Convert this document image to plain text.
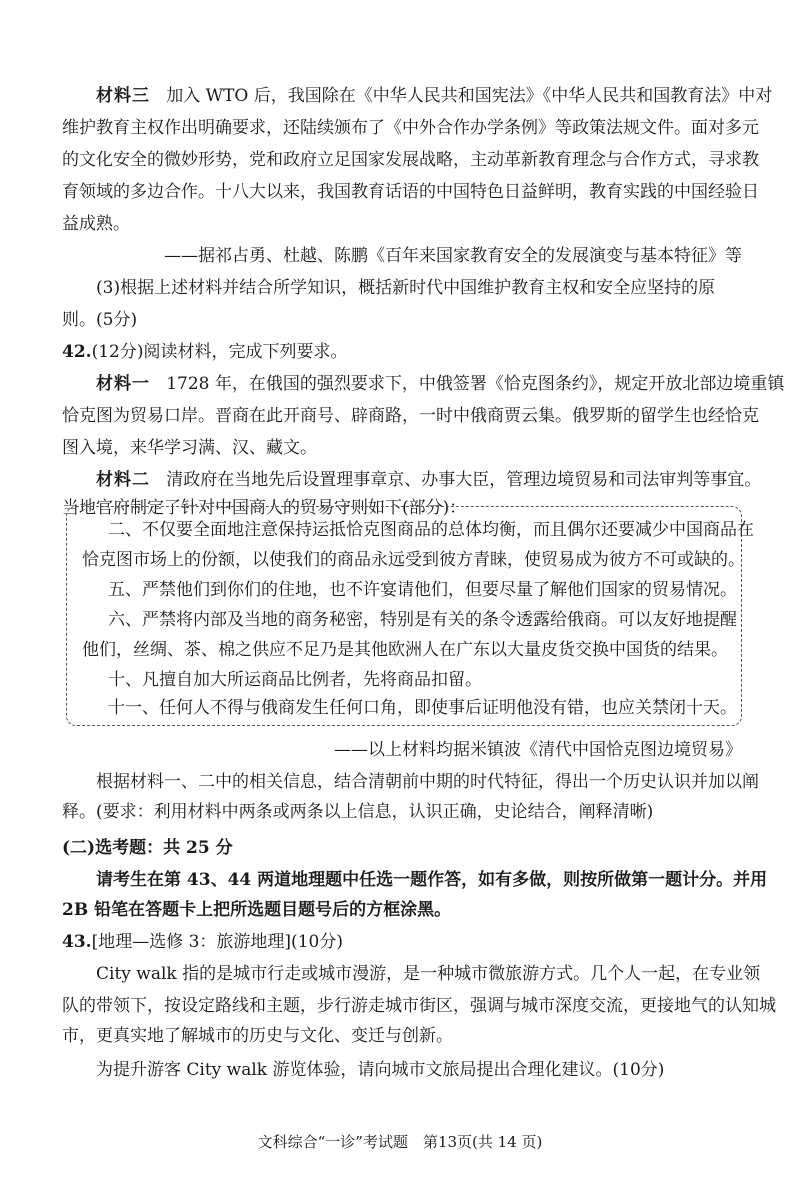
材料三 加入 WTO 后，我国除在《中华人民共和国宪法》《中华人民共和国教育法》中对
维护教育主权作出明确要求，还陆续颁布了《中外合作办学条例》等政策法规文件。面对多元
的文化安全的微妙形势，党和政府立足国家发展战略，主动革新教育理念与合作方式，寻求教
育领域的多边合作。十八大以来，我国教育话语的中国特色日益鲜明，教育实践的中国经验日
益成熟。
——据祁占勇、杜越、陈鹏《百年来国家教育安全的发展演变与基本特征》等
(3)根据上述材料并结合所学知识，概括新时代中国维护教育主权和安全应坚持的原
则。(5分)
42.(12分)阅读材料，完成下列要求。
材料一 1728 年，在俄国的强烈要求下，中俄签署《恰克图条约》，规定开放北部边境重镇
恰克图为贸易口岸。晋商在此开商号、辟商路，一时中俄商贾云集。俄罗斯的留学生也经恰克
图入境，来华学习满、汉、藏文。
材料二 清政府在当地先后设置理事章京、办事大臣，管理边境贸易和司法审判等事宜。
当地官府制定了针对中国商人的贸易守则如下(部分)：
二、不仅要全面地注意保持运抵恰克图商品的总体均衡，而且偶尔还要减少中国商品在
恰克图市场上的份额，以使我们的商品永远受到彼方青睐，使贸易成为彼方不可或缺的。
五、严禁他们到你们的住地，也不许宴请他们，但要尽量了解他们国家的贸易情况。
六、严禁将内部及当地的商务秘密，特别是有关的条令透露给俄商。可以友好地提醒
他们，丝绸、茶、棉之供应不足乃是其他欧洲人在广东以大量皮货交换中国货的结果。
十、凡擅自加大所运商品比例者，先将商品扣留。
十一、任何人不得与俄商发生任何口角，即使事后证明他没有错，也应关禁闭十天。
——以上材料均据米镇波《清代中国恰克图边境贸易》
根据材料一、二中的相关信息，结合清朝前中期的时代特征，得出一个历史认识并加以阐
释。(要求：利用材料中两条或两条以上信息，认识正确，史论结合，阐释清晰)
(二)选考题：共 25 分
请考生在第 43、44 两道地理题中任选一题作答，如有多做，则按所做第一题计分。并用
2B 铅笔在答题卡上把所选题目题号后的方框涂黑。
43.[地理—选修 3：旅游地理](10分)
City walk 指的是城市行走或城市漫游，是一种城市微旅游方式。几个人一起，在专业领
队的带领下，按设定路线和主题，步行游走城市街区，强调与城市深度交流，更接地气的认知城
市，更真实地了解城市的历史与文化、变迁与创新。
为提升游客 City walk 游览体验，请向城市文旅局提出合理化建议。(10分)
文科综合“一诊”考试题　第13页(共 14 页)
